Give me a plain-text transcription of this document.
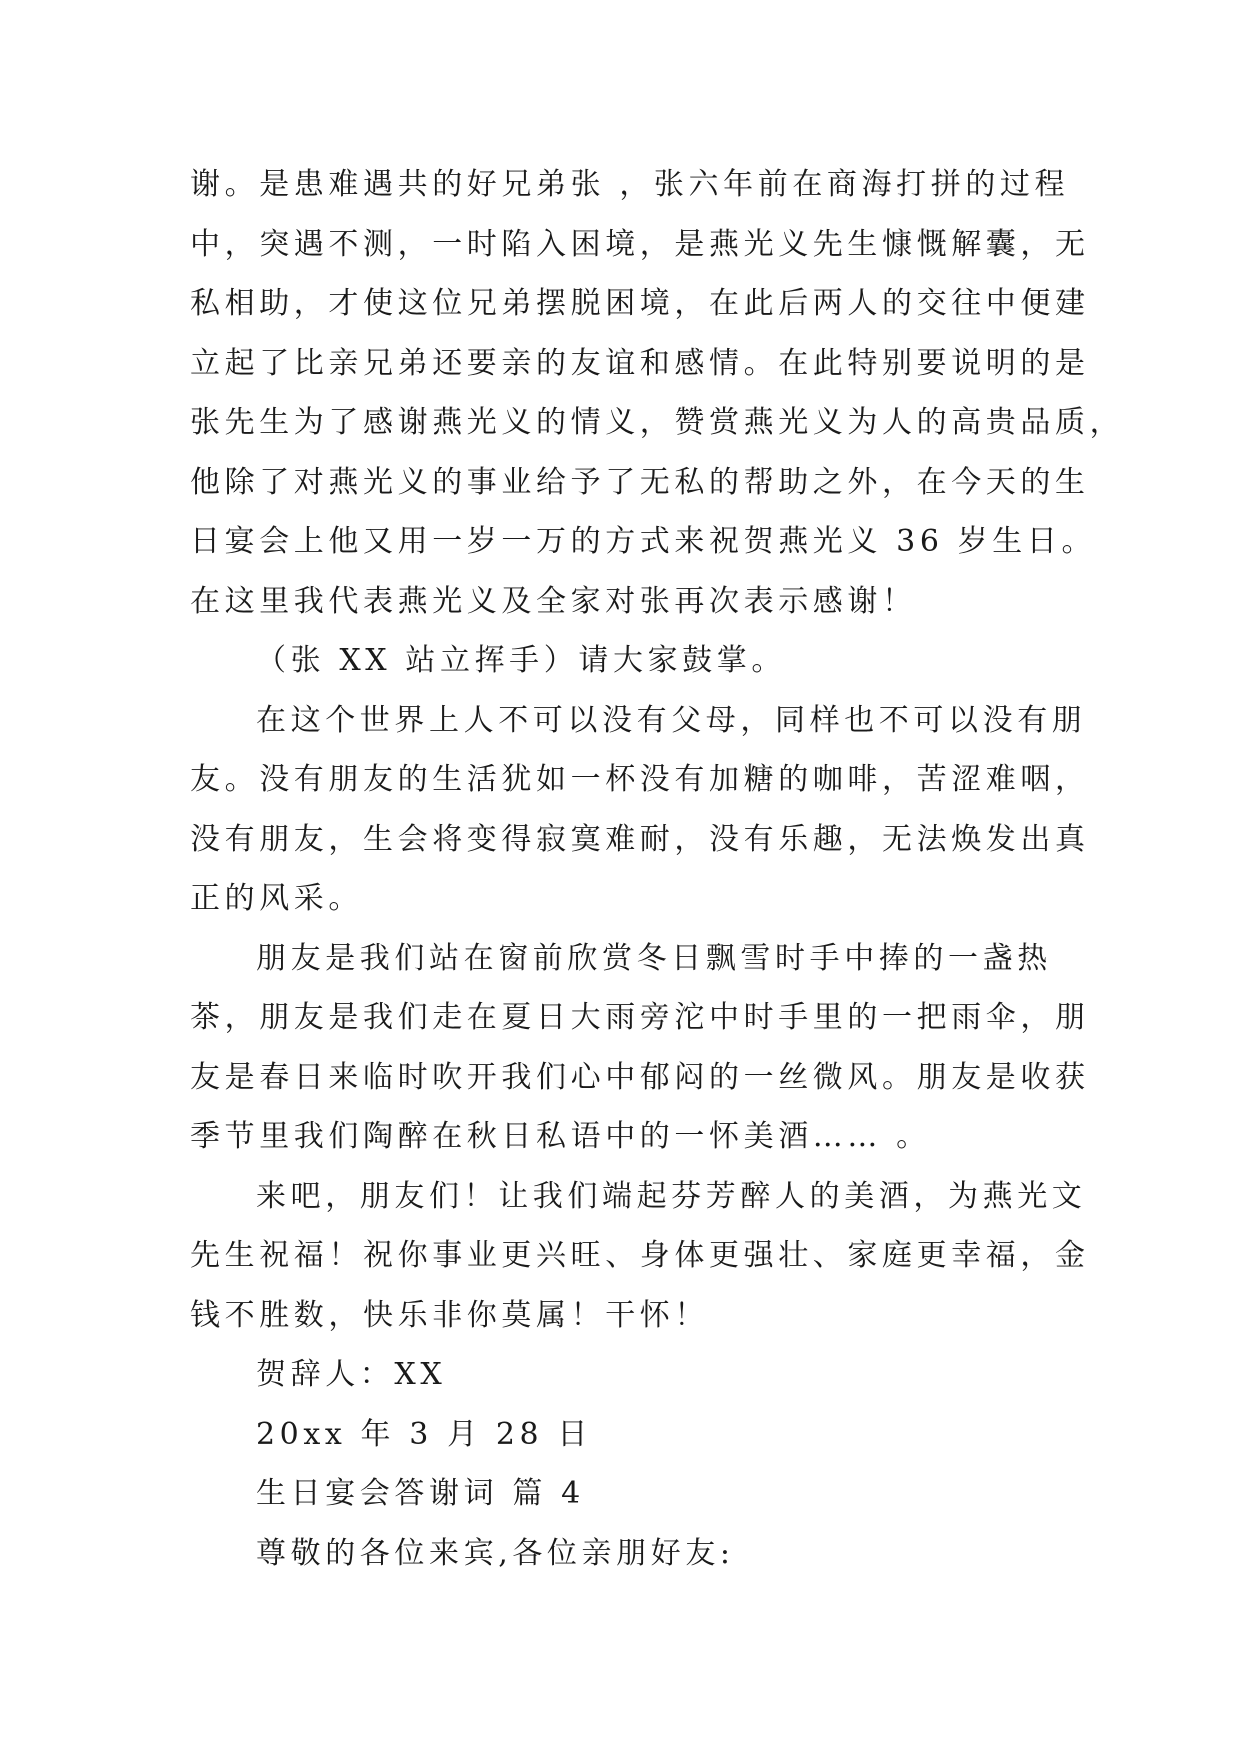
谢。是患难遇共的好兄弟张 ，张六年前在商海打拼的过程
中，突遇不测，一时陷入困境，是燕光义先生慷慨解囊，无
私相助，才使这位兄弟摆脱困境，在此后两人的交往中便建
立起了比亲兄弟还要亲的友谊和感情。在此特别要说明的是
张先生为了感谢燕光义的情义，赞赏燕光义为人的高贵品质，
他除了对燕光义的事业给予了无私的帮助之外，在今天的生
日宴会上他又用一岁一万的方式来祝贺燕光义 36 岁生日。
在这里我代表燕光义及全家对张再次表示感谢！
（张 XX 站立挥手）请大家鼓掌。
在这个世界上人不可以没有父母，同样也不可以没有朋
友。没有朋友的生活犹如一杯没有加糖的咖啡，苦涩难咽，
没有朋友，生会将变得寂寞难耐，没有乐趣，无法焕发出真
正的风采。
朋友是我们站在窗前欣赏冬日飘雪时手中捧的一盏热
茶，朋友是我们走在夏日大雨旁沱中时手里的一把雨伞，朋
友是春日来临时吹开我们心中郁闷的一丝微风。朋友是收获
季节里我们陶醉在秋日私语中的一怀美酒…… 。
来吧，朋友们！让我们端起芬芳醉人的美酒，为燕光文
先生祝福！祝你事业更兴旺、身体更强壮、家庭更幸福，金
钱不胜数，快乐非你莫属！干怀！
贺辞人：XX
20xx 年 3 月 28 日
生日宴会答谢词 篇 4
尊敬的各位来宾,各位亲朋好友:
